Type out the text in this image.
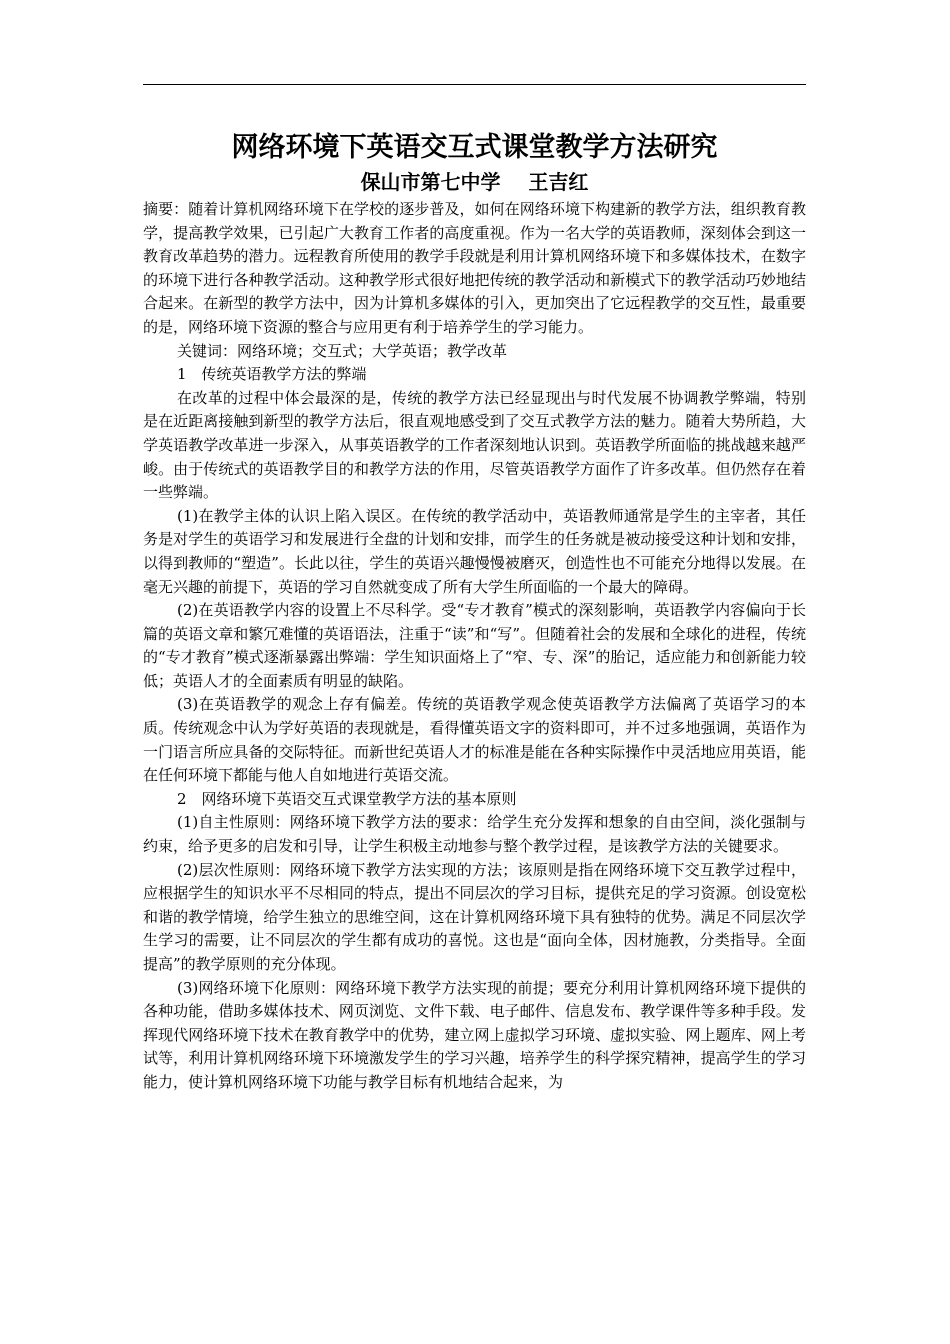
网络环境下英语交互式课堂教学方法研究
保山市第七中学    王吉红

摘要：随着计算机网络环境下在学校的逐步普及，如何在网络环境下构建新的教学方法，组织教育教学，提高教学效果，已引起广大教育工作者的高度重视。作为一名大学的英语教师，深刻体会到这一教育改革趋势的潜力。远程教育所使用的教学手段就是利用计算机网络环境下和多媒体技术，在数字的环境下进行各种教学活动。这种教学形式很好地把传统的教学活动和新模式下的教学活动巧妙地结合起来。在新型的教学方法中，因为计算机多媒体的引入，更加突出了它远程教学的交互性，最重要的是，网络环境下资源的整合与应用更有利于培养学生的学习能力。

关键词：网络环境；交互式；大学英语；教学改革

1　传统英语教学方法的弊端

在改革的过程中体会最深的是，传统的教学方法已经显现出与时代发展不协调教学弊端，特别是在近距离接触到新型的教学方法后，很直观地感受到了交互式教学方法的魅力。随着大势所趋，大学英语教学改革进一步深入，从事英语教学的工作者深刻地认识到。英语教学所面临的挑战越来越严峻。由于传统式的英语教学目的和教学方法的作用，尽管英语教学方面作了许多改革。但仍然存在着一些弊端。

(1)在教学主体的认识上陷入误区。在传统的教学活动中，英语教师通常是学生的主宰者，其任务是对学生的英语学习和发展进行全盘的计划和安排，而学生的任务就是被动接受这种计划和安排，以得到教师的“塑造”。长此以往，学生的英语兴趣慢慢被磨灭，创造性也不可能充分地得以发展。在毫无兴趣的前提下，英语的学习自然就变成了所有大学生所面临的一个最大的障碍。

(2)在英语教学内容的设置上不尽科学。受“专才教育”模式的深刻影响，英语教学内容偏向于长篇的英语文章和繁冗难懂的英语语法，注重于“读”和“写”。但随着社会的发展和全球化的进程，传统的“专才教育”模式逐渐暴露出弊端：学生知识面烙上了“窄、专、深”的胎记，适应能力和创新能力较低；英语人才的全面素质有明显的缺陷。

(3)在英语教学的观念上存有偏差。传统的英语教学观念使英语教学方法偏离了英语学习的本质。传统观念中认为学好英语的表现就是，看得懂英语文字的资料即可，并不过多地强调，英语作为一门语言所应具备的交际特征。而新世纪英语人才的标准是能在各种实际操作中灵活地应用英语，能在任何环境下都能与他人自如地进行英语交流。

2　网络环境下英语交互式课堂教学方法的基本原则

(1)自主性原则：网络环境下教学方法的要求：给学生充分发挥和想象的自由空间，淡化强制与约束，给予更多的启发和引导，让学生积极主动地参与整个教学过程，是该教学方法的关键要求。

(2)层次性原则：网络环境下教学方法实现的方法；该原则是指在网络环境下交互教学过程中，应根据学生的知识水平不尽相同的特点，提出不同层次的学习目标，提供充足的学习资源。创设宽松和谐的教学情境，给学生独立的思维空间，这在计算机网络环境下具有独特的优势。满足不同层次学生学习的需要，让不同层次的学生都有成功的喜悦。这也是“面向全体，因材施教，分类指导。全面提高”的教学原则的充分体现。

(3)网络环境下化原则：网络环境下教学方法实现的前提；要充分利用计算机网络环境下提供的各种功能，借助多媒体技术、网页浏览、文件下载、电子邮件、信息发布、教学课件等多种手段。发挥现代网络环境下技术在教育教学中的优势，建立网上虚拟学习环境、虚拟实验、网上题库、网上考试等，利用计算机网络环境下环境激发学生的学习兴趣，培养学生的科学探究精神，提高学生的学习能力，使计算机网络环境下功能与教学目标有机地结合起来，为
